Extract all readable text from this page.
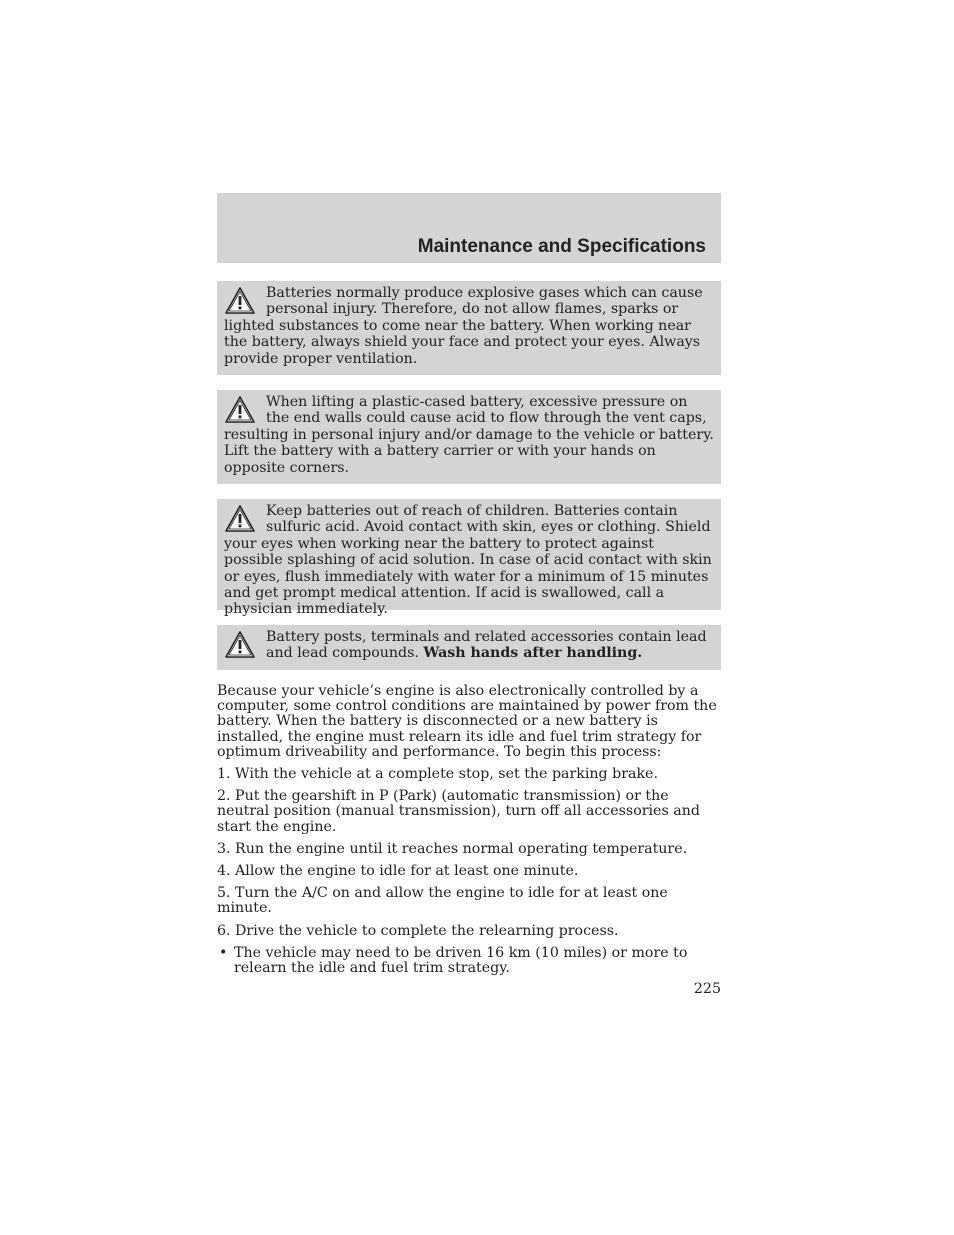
Maintenance and Specifications
Batteries normally produce explosive gases which can cause personal injury. Therefore, do not allow flames, sparks or lighted substances to come near the battery. When working near the battery, always shield your face and protect your eyes. Always provide proper ventilation.
When lifting a plastic-cased battery, excessive pressure on the end walls could cause acid to flow through the vent caps, resulting in personal injury and/or damage to the vehicle or battery. Lift the battery with a battery carrier or with your hands on opposite corners.
Keep batteries out of reach of children. Batteries contain sulfuric acid. Avoid contact with skin, eyes or clothing. Shield your eyes when working near the battery to protect against possible splashing of acid solution. In case of acid contact with skin or eyes, flush immediately with water for a minimum of 15 minutes and get prompt medical attention. If acid is swallowed, call a physician immediately.
Battery posts, terminals and related accessories contain lead and lead compounds. Wash hands after handling.

Because your vehicle’s engine is also electronically controlled by a computer, some control conditions are maintained by power from the battery. When the battery is disconnected or a new battery is installed, the engine must relearn its idle and fuel trim strategy for optimum driveability and performance. To begin this process:

1. With the vehicle at a complete stop, set the parking brake.
2. Put the gearshift in P (Park) (automatic transmission) or the neutral position (manual transmission), turn off all accessories and start the engine.
3. Run the engine until it reaches normal operating temperature.
4. Allow the engine to idle for at least one minute.
5. Turn the A/C on and allow the engine to idle for at least one minute.
6. Drive the vehicle to complete the relearning process.
• The vehicle may need to be driven 16 km (10 miles) or more to relearn the idle and fuel trim strategy.
225
